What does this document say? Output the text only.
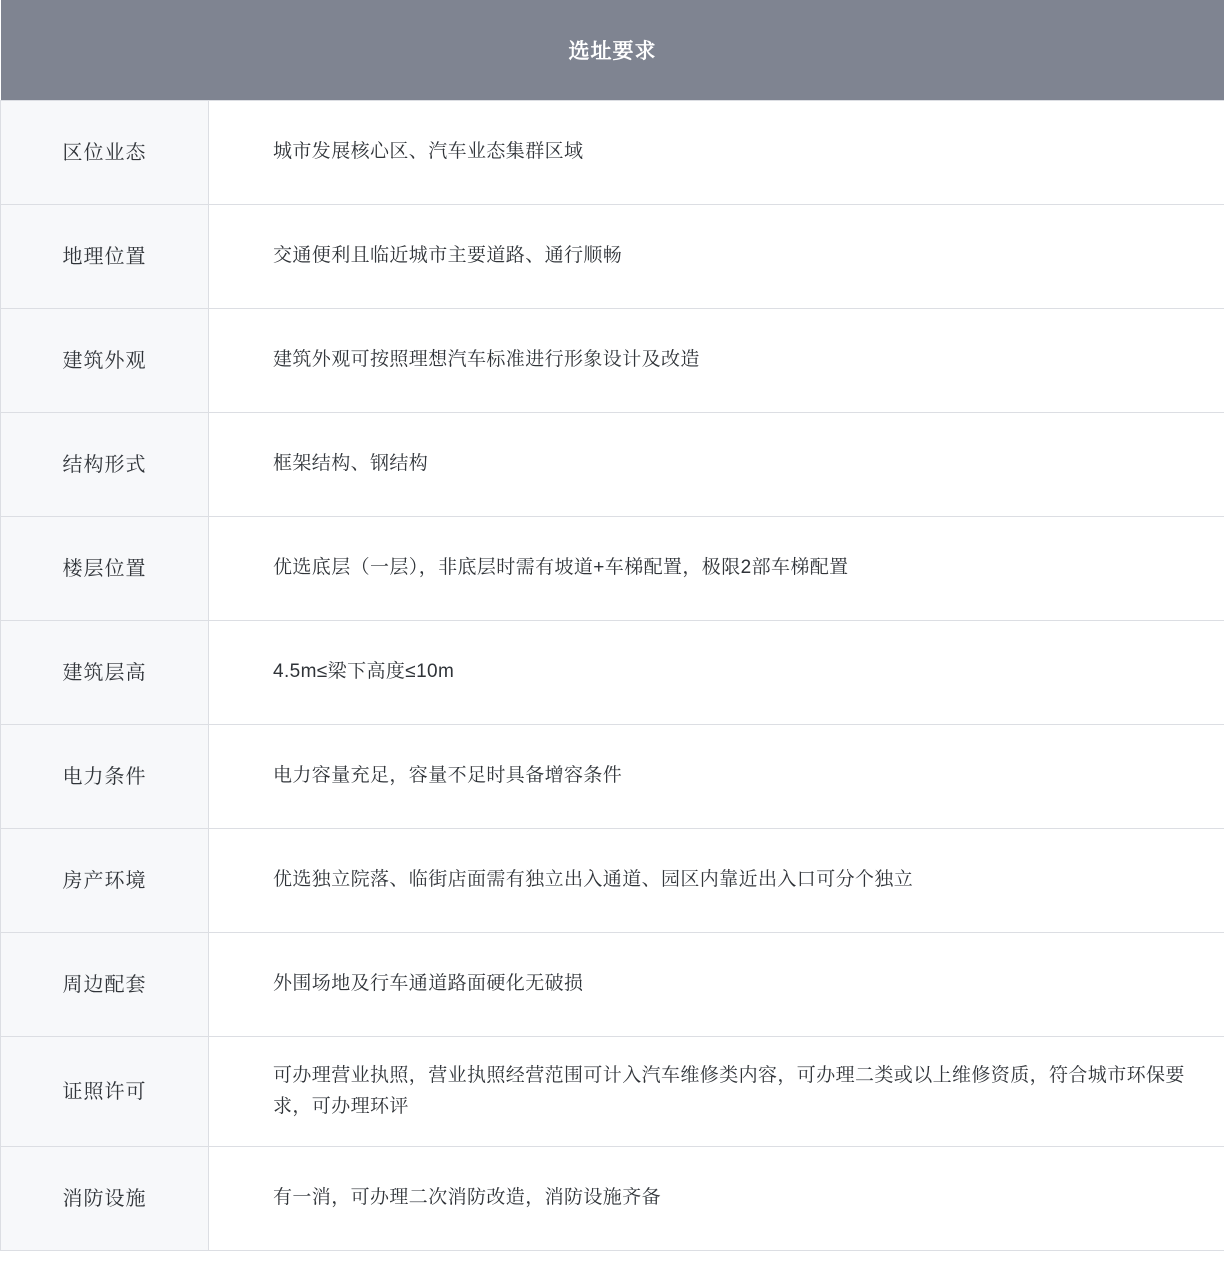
选址要求	
区位业态	城市发展核心区、汽车业态集群区域
地理位置	交通便利且临近城市主要道路、通行顺畅
建筑外观	建筑外观可按照理想汽车标准进行形象设计及改造
结构形式	框架结构、钢结构
楼层位置	优选底层（一层），非底层时需有坡道+车梯配置，极限2部车梯配置
建筑层高	4.5m≤梁下高度≤10m
电力条件	电力容量充足，容量不足时具备增容条件
房产环境	优选独立院落、临街店面需有独立出入通道、园区内靠近出入口可分个独立
周边配套	外围场地及行车通道路面硬化无破损
证照许可	可办理营业执照，营业执照经营范围可计入汽车维修类内容，可办理二类或以上维修资质，符合城市环保要求，可办理环评
消防设施	有一消，可办理二次消防改造，消防设施齐备
